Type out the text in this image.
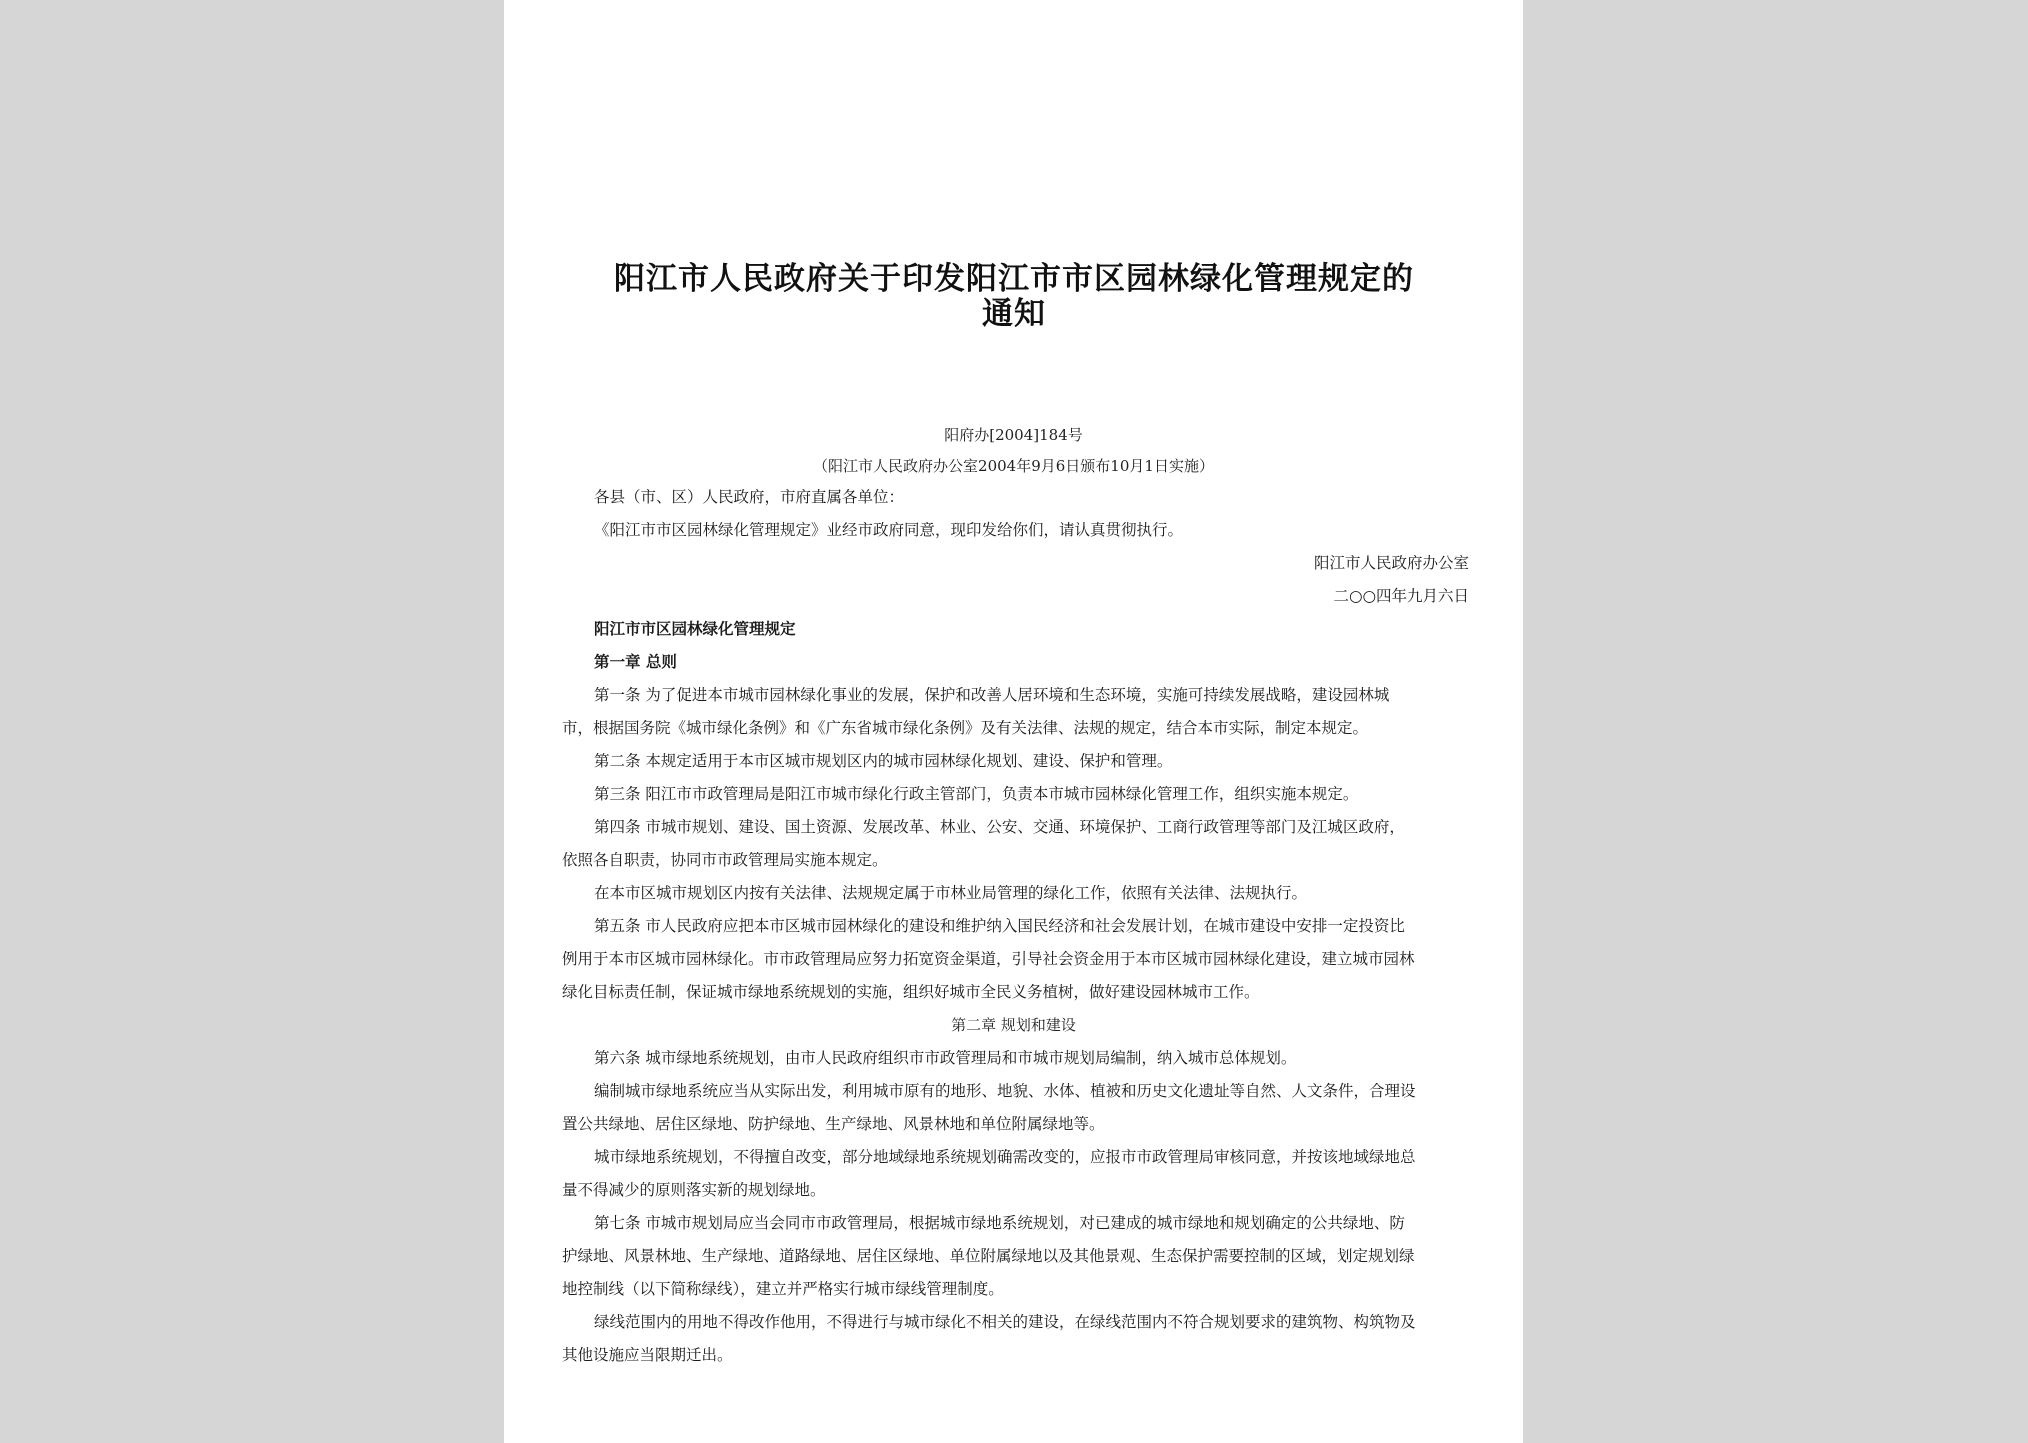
阳江市人民政府关于印发阳江市市区园林绿化管理规定的通知
阳府办[2004]184号
（阳江市人民政府办公室2004年9月6日颁布10月1日实施）
各县（市、区）人民政府，市府直属各单位：
《阳江市市区园林绿化管理规定》业经市政府同意，现印发给你们，请认真贯彻执行。
阳江市人民政府办公室
二○○四年九月六日
阳江市市区园林绿化管理规定
第一章 总则
第一条 为了促进本市城市园林绿化事业的发展，保护和改善人居环境和生态环境，实施可持续发展战略，建设园林城
市，根据国务院《城市绿化条例》和《广东省城市绿化条例》及有关法律、法规的规定，结合本市实际，制定本规定。
第二条 本规定适用于本市区城市规划区内的城市园林绿化规划、建设、保护和管理。
第三条 阳江市市政管理局是阳江市城市绿化行政主管部门，负责本市城市园林绿化管理工作，组织实施本规定。
第四条 市城市规划、建设、国土资源、发展改革、林业、公安、交通、环境保护、工商行政管理等部门及江城区政府，
依照各自职责，协同市市政管理局实施本规定。
在本市区城市规划区内按有关法律、法规规定属于市林业局管理的绿化工作，依照有关法律、法规执行。
第五条 市人民政府应把本市区城市园林绿化的建设和维护纳入国民经济和社会发展计划，在城市建设中安排一定投资比
例用于本市区城市园林绿化。市市政管理局应努力拓宽资金渠道，引导社会资金用于本市区城市园林绿化建设，建立城市园林
绿化目标责任制，保证城市绿地系统规划的实施，组织好城市全民义务植树，做好建设园林城市工作。
第二章 规划和建设
第六条 城市绿地系统规划，由市人民政府组织市市政管理局和市城市规划局编制，纳入城市总体规划。
编制城市绿地系统应当从实际出发，利用城市原有的地形、地貌、水体、植被和历史文化遗址等自然、人文条件，合理设
置公共绿地、居住区绿地、防护绿地、生产绿地、风景林地和单位附属绿地等。
城市绿地系统规划，不得擅自改变，部分地域绿地系统规划确需改变的，应报市市政管理局审核同意，并按该地域绿地总
量不得减少的原则落实新的规划绿地。
第七条 市城市规划局应当会同市市政管理局，根据城市绿地系统规划，对已建成的城市绿地和规划确定的公共绿地、防
护绿地、风景林地、生产绿地、道路绿地、居住区绿地、单位附属绿地以及其他景观、生态保护需要控制的区域，划定规划绿
地控制线（以下简称绿线），建立并严格实行城市绿线管理制度。
绿线范围内的用地不得改作他用，不得进行与城市绿化不相关的建设，在绿线范围内不符合规划要求的建筑物、构筑物及
其他设施应当限期迁出。
